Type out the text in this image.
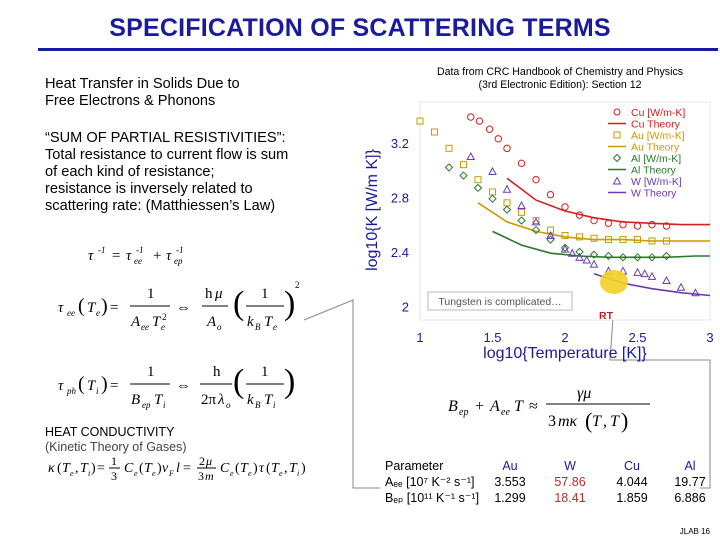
SPECIFICATION OF SCATTERING TERMS
Heat Transfer in Solids Due to
Free Electrons & Phonons
“SUM OF PARTIAL RESISTIVITIES”:
Total resistance to current flow is sum
of each kind of resistance;
resistance is inversely related to
scattering rate: (Matthiessen’s Law)
Data from CRC Handbook of Chemistry and Physics
(3rd Electronic Edition): Section 12
τ -1 = τ -1
ee + τ -1
ep
τ ee ( T e ) =
1
A ee T 2
e
⇔
h μ
A o
( 1
k B T e
) 2
τ ph ( T i ) =
1
B ep T i
⇔
h
2π λ o
( 1
k B T i
)
κ ( T e , T i ) = 1
3 C e ( T e ) v F l = 2 μ
3 m C e ( T e ) τ ( T e , T i )
HEAT CONDUCTIVITY
(Kinetic Theory of Gases)
1	1.5	2	2.5	3
2
2.4
2.8
3.2
log10{Temperature [K]}
log10{K [W/m K]}
Cu [W/m-K]
Cu Theory
Au [W/m-K]
Au Theory
Al [W/m-K]
Al Theory
W [W/m-K]
W Theory
Tungsten is complicated…
RT
B ep + A ee T ≈
γμ
3 mκ ( T , T )
Parameter	Au	W	Cu	Al
Aₑₑ [10⁷ K⁻² s⁻¹]	3.553	57.86	4.044	19.77
Bₑₚ [10¹¹ K⁻¹ s⁻¹]	1.299	18.41	1.859	6.886
JLAB 16
